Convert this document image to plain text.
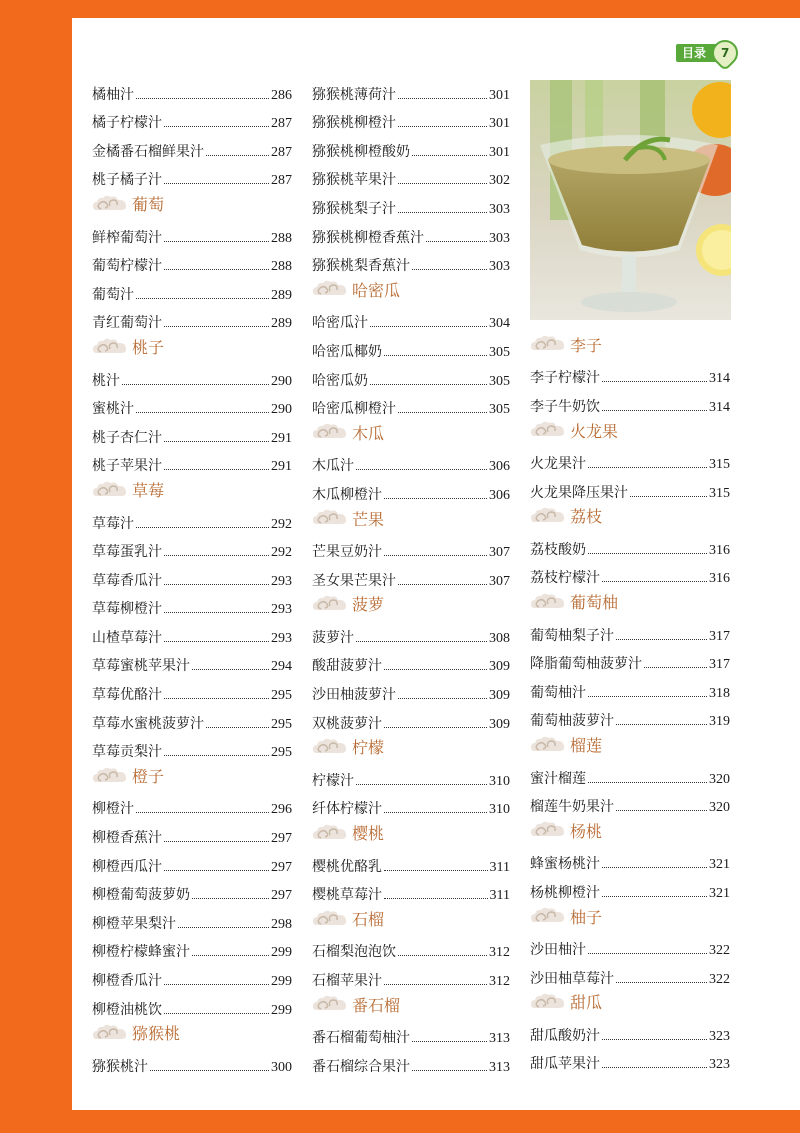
目录	7
橘柚汁	286
橘子柠檬汁	287
金橘番石榴鲜果汁	287
桃子橘子汁	287
葡萄
鲜榨葡萄汁	288
葡萄柠檬汁	288
葡萄汁	289
青红葡萄汁	289
桃子
桃汁	290
蜜桃汁	290
桃子杏仁汁	291
桃子苹果汁	291
草莓
草莓汁	292
草莓蛋乳汁	292
草莓香瓜汁	293
草莓柳橙汁	293
山楂草莓汁	293
草莓蜜桃苹果汁	294
草莓优酪汁	295
草莓水蜜桃菠萝汁	295
草莓贡梨汁	295
橙子
柳橙汁	296
柳橙香蕉汁	297
柳橙西瓜汁	297
柳橙葡萄菠萝奶	297
柳橙苹果梨汁	298
柳橙柠檬蜂蜜汁	299
柳橙香瓜汁	299
柳橙油桃饮	299
猕猴桃
猕猴桃汁	300
猕猴桃薄荷汁	301
猕猴桃柳橙汁	301
猕猴桃柳橙酸奶	301
猕猴桃苹果汁	302
猕猴桃梨子汁	303
猕猴桃柳橙香蕉汁	303
猕猴桃梨香蕉汁	303
哈密瓜
哈密瓜汁	304
哈密瓜椰奶	305
哈密瓜奶	305
哈密瓜柳橙汁	305
木瓜
木瓜汁	306
木瓜柳橙汁	306
芒果
芒果豆奶汁	307
圣女果芒果汁	307
菠萝
菠萝汁	308
酸甜菠萝汁	309
沙田柚菠萝汁	309
双桃菠萝汁	309
柠檬
柠檬汁	310
纤体柠檬汁	310
樱桃
樱桃优酪乳	311
樱桃草莓汁	311
石榴
石榴梨泡泡饮	312
石榴苹果汁	312
番石榴
番石榴葡萄柚汁	313
番石榴综合果汁	313
李子
李子柠檬汁	314
李子牛奶饮	314
火龙果
火龙果汁	315
火龙果降压果汁	315
荔枝
荔枝酸奶	316
荔枝柠檬汁	316
葡萄柚
葡萄柚梨子汁	317
降脂葡萄柚菠萝汁	317
葡萄柚汁	318
葡萄柚菠萝汁	319
榴莲
蜜汁榴莲	320
榴莲牛奶果汁	320
杨桃
蜂蜜杨桃汁	321
杨桃柳橙汁	321
柚子
沙田柚汁	322
沙田柚草莓汁	322
甜瓜
甜瓜酸奶汁	323
甜瓜苹果汁	323
